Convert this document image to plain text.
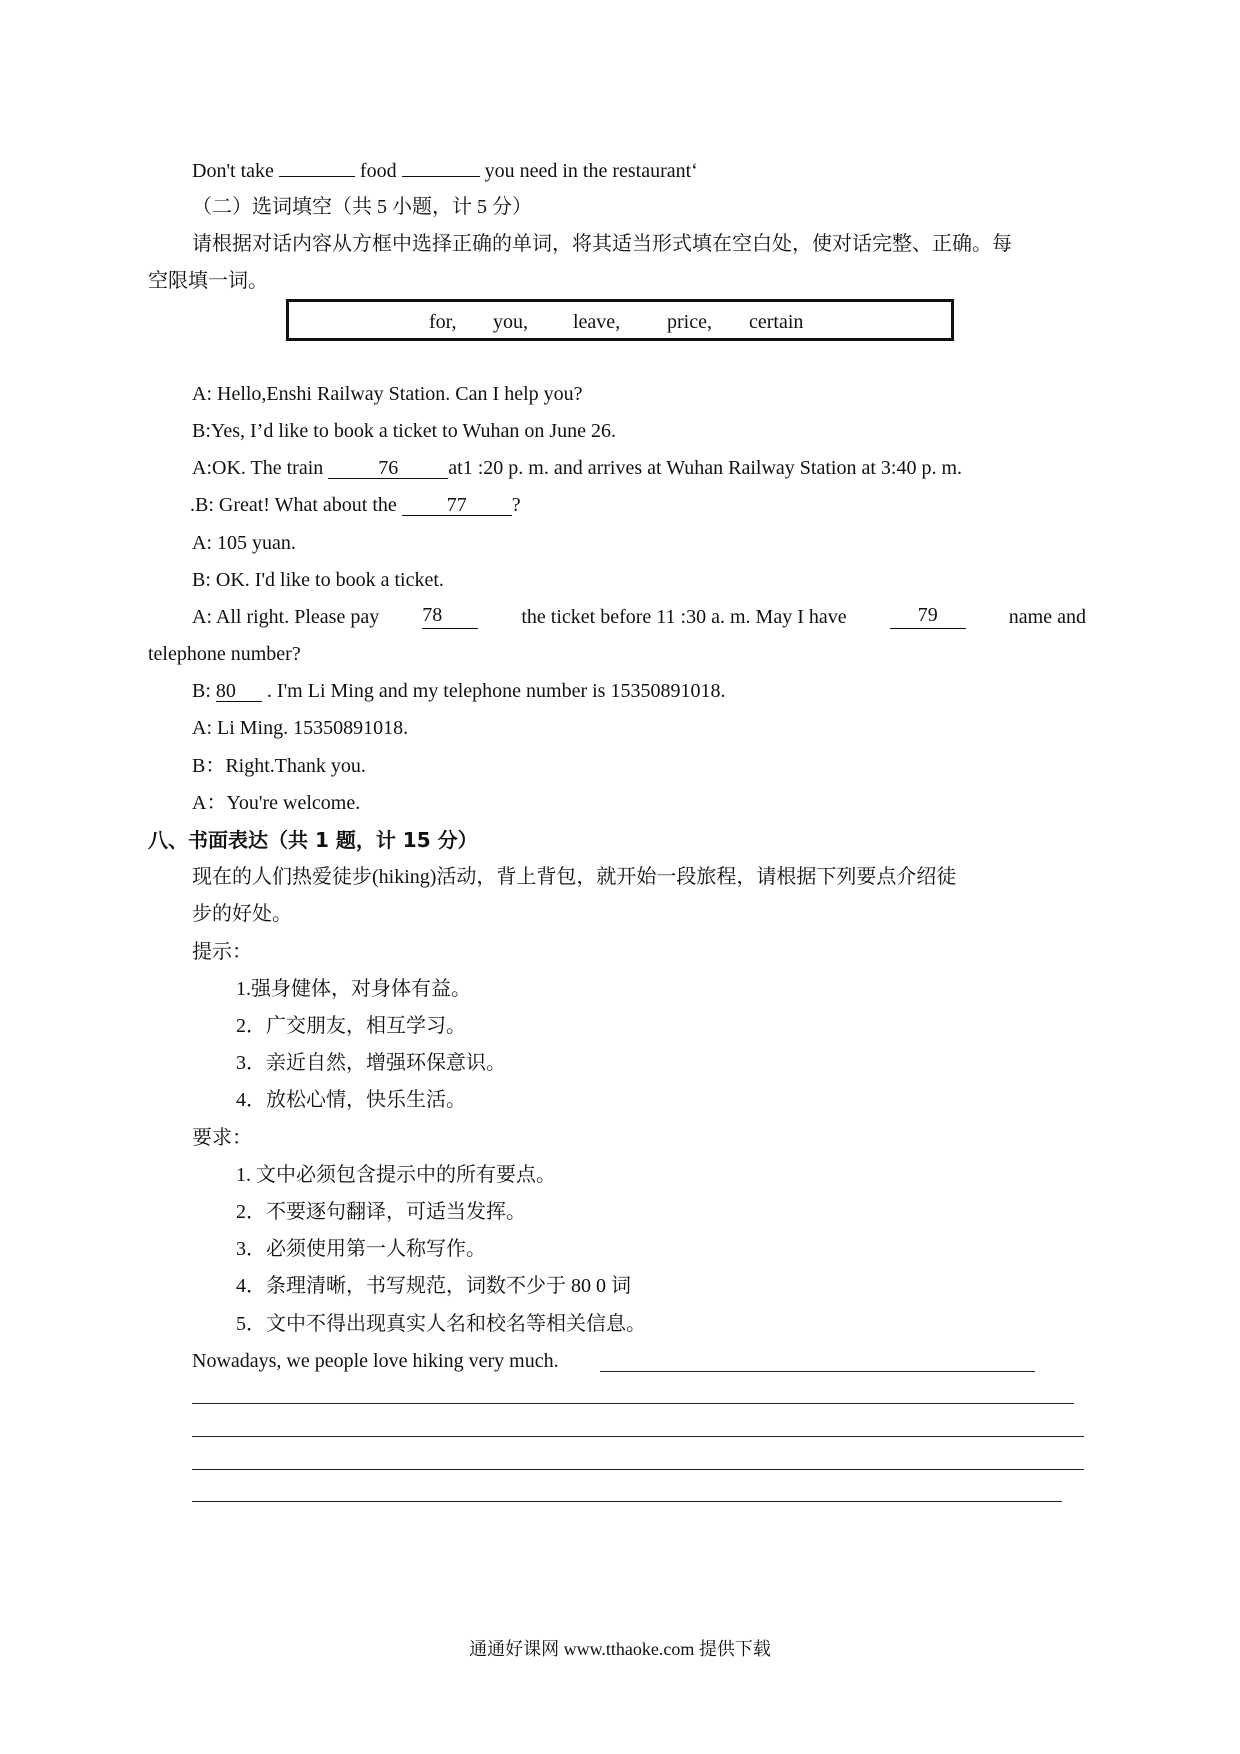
Don't take	food	you need in the restaurant‘
（二）选词填空（共 5 小题，计 5 分）
请根据对话内容从方框中选择正确的单词，将其适当形式填在空白处，使对话完整、正确。每
空限填一词。
for, you, leave, price, certain
A: Hello,Enshi Railway Station. Can I help you?
B:Yes, I’d like to book a ticket to Wuhan on June 26.
A:OK. The train	76	at1 :20 p. m. and arrives at Wuhan Railway Station at 3:40 p. m.
.B: Great! What about the 77 ?
A: 105 yuan.
B: OK. I'd like to book a ticket.
A: All right. Please pay 78	the ticket before 11 :30 a. m. May I have	79	name and
telephone number?
B: 80 . I'm Li Ming and my telephone number is 15350891018.
A: Li Ming. 15350891018.
B：Right.Thank you.
A：You're welcome.
八、书面表达（共 1 题，计 15 分）
现在的人们热爱徒步(hiking)活动，背上背包，就开始一段旅程，请根据下列要点介绍徒
步的好处。
提示：
1.强身健体，对身体有益。
2．广交朋友，相互学习。
3．亲近自然，增强环保意识。
4．放松心情，快乐生活。
要求：
1. 文中必须包含提示中的所有要点。
2．不要逐句翻译，可适当发挥。
3．必须使用第一人称写作。
4．条理清晰，书写规范，词数不少于 80 0 词
5．文中不得出现真实人名和校名等相关信息。
Nowadays, we people love hiking very much.
通通好课网 www.tthaoke.com 提供下载
